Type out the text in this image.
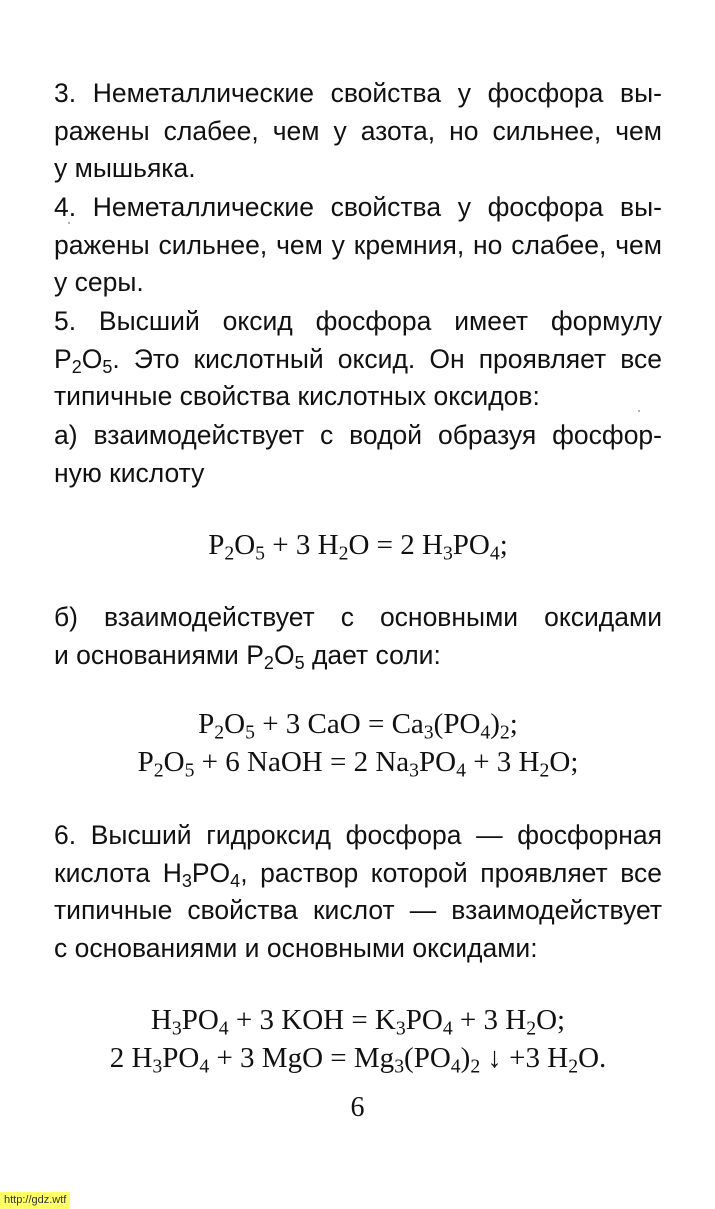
3. Неметаллические свойства у фосфора вы-
ражены слабее, чем у азота, но сильнее, чем
у мышьяка.
4. Неметаллические свойства у фосфора вы-
ражены сильнее, чем у кремния, но слабее, чем
у серы.
5. Высший оксид фосфора имеет формулу
$P_2O_5$. Это кислотный оксид. Он проявляет все
типичные свойства кислотных оксидов:
а) взаимодействует с водой образуя фосфор-
ную кислоту
$P_2O_5 + 3$ $H_2O = 2$ $H_3PO_4$;
б) взаимодействует с основными оксидами
и основаниями $P_2O_5$ дает соли:
$P_2O_5 + 3$ CaO = $Ca_3(PO_4)_2$;
$P_2O_5 + 6$ NaOH = 2 $Na_3PO_4 + 3$ $H_2O$;
6. Высший гидроксид фосфора — фосфорная
кислота $H_3PO_4$, раствор которой проявляет все
типичные свойства кислот — взаимодействует
с основаниями и основными оксидами:
$H_3PO_4 + 3$ KOH = $K_3PO_4 + 3$ $H_2O$;
2 $H_3PO_4 + 3$ MgO = $Mg_3(PO_4)_2$ ↓ +3 $H_2O$.
6
http://gdz.wtf
